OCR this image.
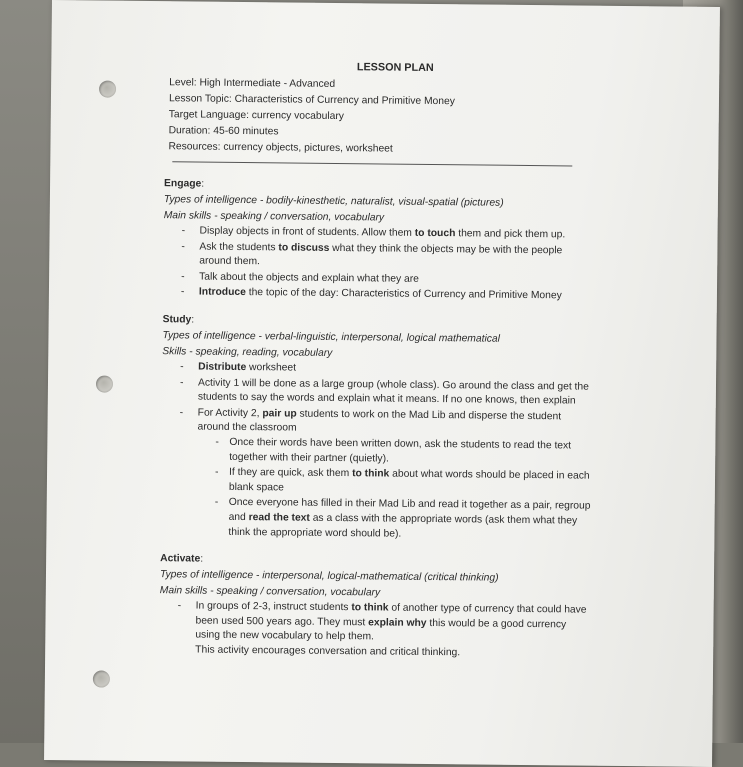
LESSON PLAN
Level: High Intermediate - Advanced
Lesson Topic: Characteristics of Currency and Primitive Money
Target Language: currency vocabulary
Duration: 45-60 minutes
Resources: currency objects, pictures, worksheet
Engage:
Types of intelligence - bodily-kinesthetic, naturalist, visual-spatial (pictures)
Main skills - speaking / conversation, vocabulary
- Display objects in front of students. Allow them to touch them and pick them up.
- Ask the students to discuss what they think the objects may be with the people around them.
- Talk about the objects and explain what they are
- Introduce the topic of the day: Characteristics of Currency and Primitive Money
Study:
Types of intelligence - verbal-linguistic, interpersonal, logical mathematical
Skills - speaking, reading, vocabulary
- Distribute worksheet
- Activity 1 will be done as a large group (whole class). Go around the class and get the students to say the words and explain what it means. If no one knows, then explain
- For Activity 2, pair up students to work on the Mad Lib and disperse the student around the classroom
- Once their words have been written down, ask the students to read the text together with their partner (quietly).
- If they are quick, ask them to think about what words should be placed in each blank space
- Once everyone has filled in their Mad Lib and read it together as a pair, regroup and read the text as a class with the appropriate words (ask them what they think the appropriate word should be).
Activate:
Types of intelligence - interpersonal, logical-mathematical (critical thinking)
Main skills - speaking / conversation, vocabulary
- In groups of 2-3, instruct students to think of another type of currency that could have been used 500 years ago. They must explain why this would be a good currency using the new vocabulary to help them.
This activity encourages conversation and critical thinking.
